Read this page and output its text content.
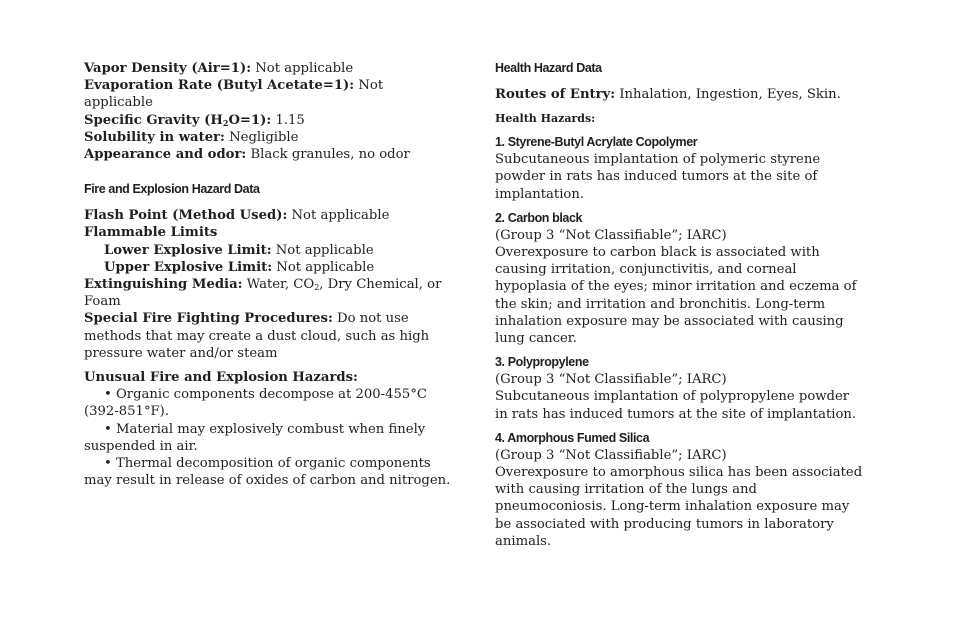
Vapor Density (Air=1): Not applicable

Evaporation Rate (Butyl Acetate=1): Not applicable

Specific Gravity $(H_2O=1)$: 1.15

Solubility in water: Negligible

Appearance and odor: Black granules, no odor

Fire and Explosion Hazard Data

Flash Point (Method Used): Not applicable

Flammable Limits

Lower Explosive Limit: Not applicable

Upper Explosive Limit: Not applicable

Extinguishing Media: Water, $CO_2$, Dry Chemical, or Foam

Special Fire Fighting Procedures: Do not use methods that may create a dust cloud, such as high pressure water and/or steam

Unusual Fire and Explosion Hazards:

• Organic components decompose at 200-455°C (392-851°F).

• Material may explosively combust when finely suspended in air.

• Thermal decomposition of organic components may result in release of oxides of carbon and nitrogen.

Health Hazard Data

Routes of Entry: Inhalation, Ingestion, Eyes, Skin.

Health Hazards:

1. Styrene-Butyl Acrylate Copolymer

Subcutaneous implantation of polymeric styrene powder in rats has induced tumors at the site of implantation.

2. Carbon black

(Group 3 “Not Classifiable”; IARC)

Overexposure to carbon black is associated with causing irritation, conjunctivitis, and corneal hypoplasia of the eyes; minor irritation and eczema of the skin; and irritation and bronchitis. Long-term inhalation exposure may be associated with causing lung cancer.

3. Polypropylene

(Group 3 “Not Classifiable”; IARC)

Subcutaneous implantation of polypropylene powder in rats has induced tumors at the site of implantation.

4. Amorphous Fumed Silica

(Group 3 “Not Classifiable”; IARC)

Overexposure to amorphous silica has been associated with causing irritation of the lungs and pneumoconiosis. Long-term inhalation exposure may be associated with producing tumors in laboratory animals.
